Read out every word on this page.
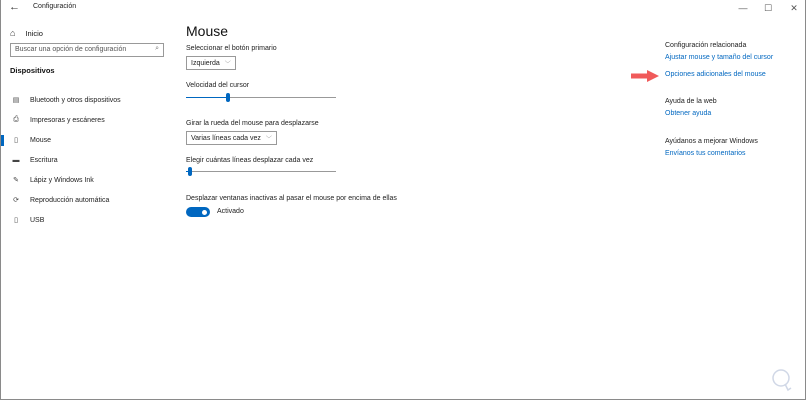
← Configuración	—	☐	✕
⌂ Inicio
Buscar una opción de configuración	⌕
Dispositivos
▤ Bluetooth y otros dispositivos
⎙	Impresoras y escáneres
▯	Mouse
▬ Escritura
✎ Lápiz y Windows Ink
⟳ Reproducción automática
▯	USB
Mouse
Seleccionar el botón primario
Izquierda ﹀
Velocidad del cursor
Girar la rueda del mouse para desplazarse
Varias líneas cada vez ﹀
Elegir cuántas líneas desplazar cada vez
Desplazar ventanas inactivas al pasar el mouse por encima de ellas
Activado
Configuración relacionada
Ajustar mouse y tamaño del cursor
Opciones adicionales del mouse
Ayuda de la web
Obtener ayuda
Ayúdanos a mejorar Windows
Envíanos tus comentarios
